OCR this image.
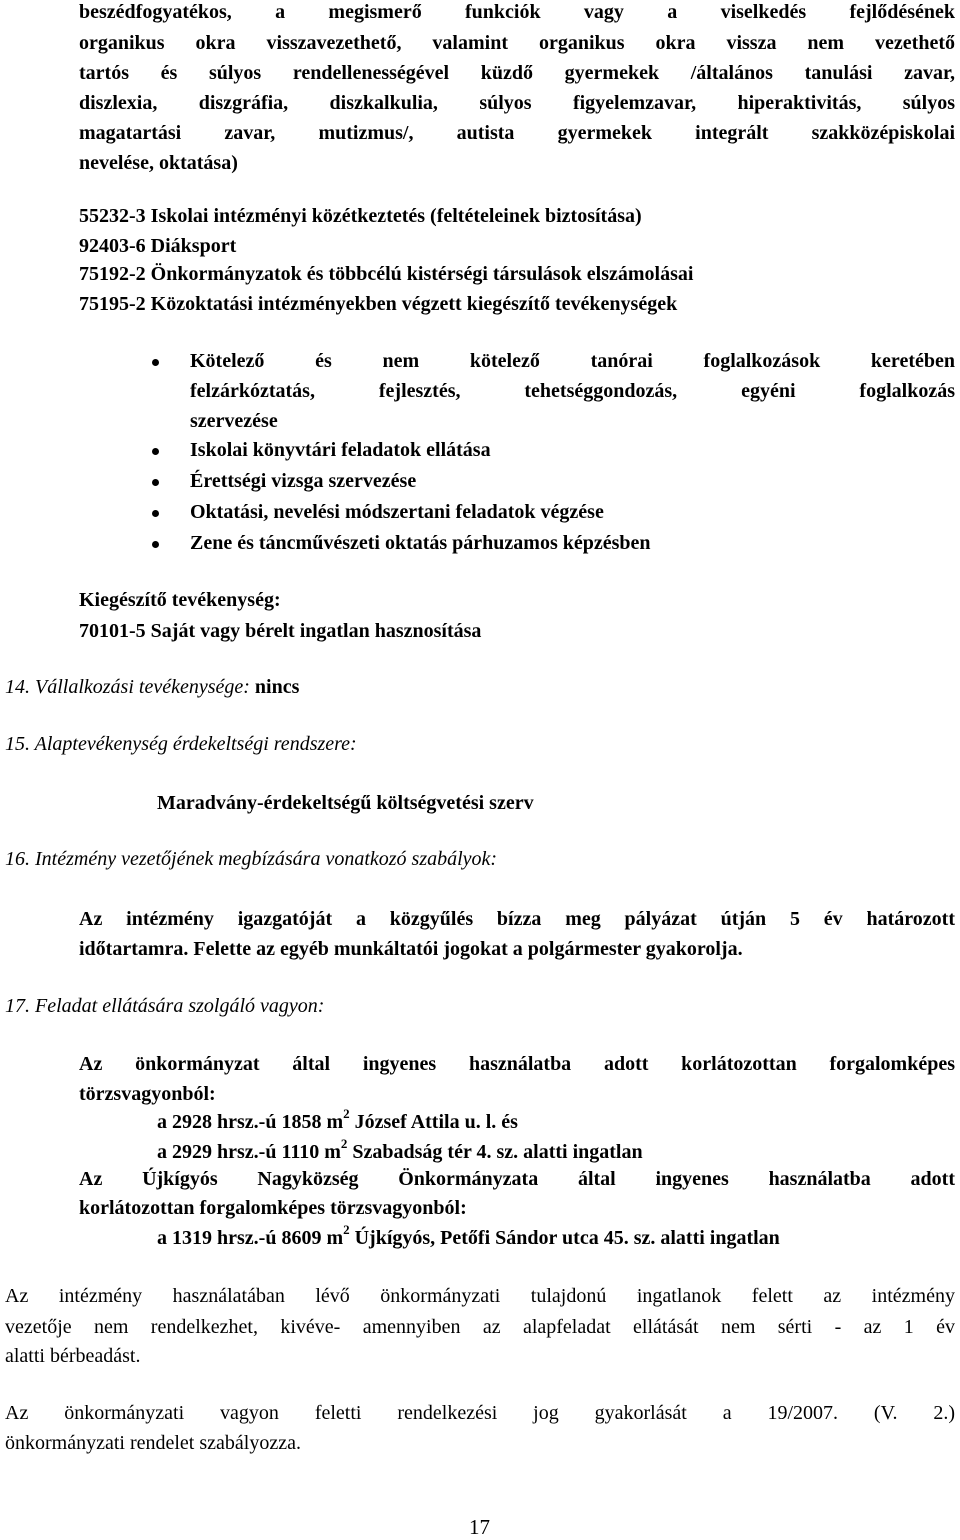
beszédfogyatékos, a megismerő funkciók vagy a viselkedés fejlődésének
organikus okra visszavezethető, valamint organikus okra vissza nem vezethető
tartós és súlyos rendellenességével küzdő gyermekek /általános tanulási zavar,
diszlexia, diszgráfia, diszkalkulia, súlyos figyelemzavar, hiperaktivitás, súlyos
magatartási zavar, mutizmus/, autista gyermekek integrált szakközépiskolai
nevelése, oktatása)
55232-3 Iskolai intézményi közétkeztetés (feltételeinek biztosítása)
92403-6 Diáksport
75192-2 Önkormányzatok és többcélú kistérségi társulások elszámolásai
75195-2 Közoktatási intézményekben végzett kiegészítő tevékenységek
Kötelező és nem kötelező tanórai foglalkozások keretében
felzárkóztatás, fejlesztés, tehetséggondozás, egyéni foglalkozás
szervezése
Iskolai könyvtári feladatok ellátása
Érettségi vizsga szervezése
Oktatási, nevelési módszertani feladatok végzése
Zene és táncművészeti oktatás párhuzamos képzésben
Kiegészítő tevékenység:
70101-5 Saját vagy bérelt ingatlan hasznosítása
14. Vállalkozási tevékenysége: nincs
15. Alaptevékenység érdekeltségi rendszere:
Maradvány-érdekeltségű költségvetési szerv
16. Intézmény vezetőjének megbízására vonatkozó szabályok:
Az intézmény igazgatóját a közgyűlés bízza meg pályázat útján 5 év határozott
időtartamra. Felette az egyéb munkáltatói jogokat a polgármester gyakorolja.
17. Feladat ellátására szolgáló vagyon:
Az önkormányzat által ingyenes használatba adott korlátozottan forgalomképes
törzsvagyonból:
a 2928 hrsz.-ú 1858 $m^2$ József Attila u. l. és
a 2929 hrsz.-ú 1110 $m^2$ Szabadság tér 4. sz. alatti ingatlan
Az Újkígyós Nagyközség Önkormányzata által ingyenes használatba adott
korlátozottan forgalomképes törzsvagyonból:
a 1319 hrsz.-ú 8609 $m^2$ Újkígyós, Petőfi Sándor utca 45. sz. alatti ingatlan
Az intézmény használatában lévő önkormányzati tulajdonú ingatlanok felett az intézmény
vezetője nem rendelkezhet, kivéve- amennyiben az alapfeladat ellátását nem sérti - az 1 év
alatti bérbeadást.
Az önkormányzati vagyon feletti rendelkezési jog gyakorlását a 19/2007. (V. 2.)
önkormányzati rendelet szabályozza.
17
